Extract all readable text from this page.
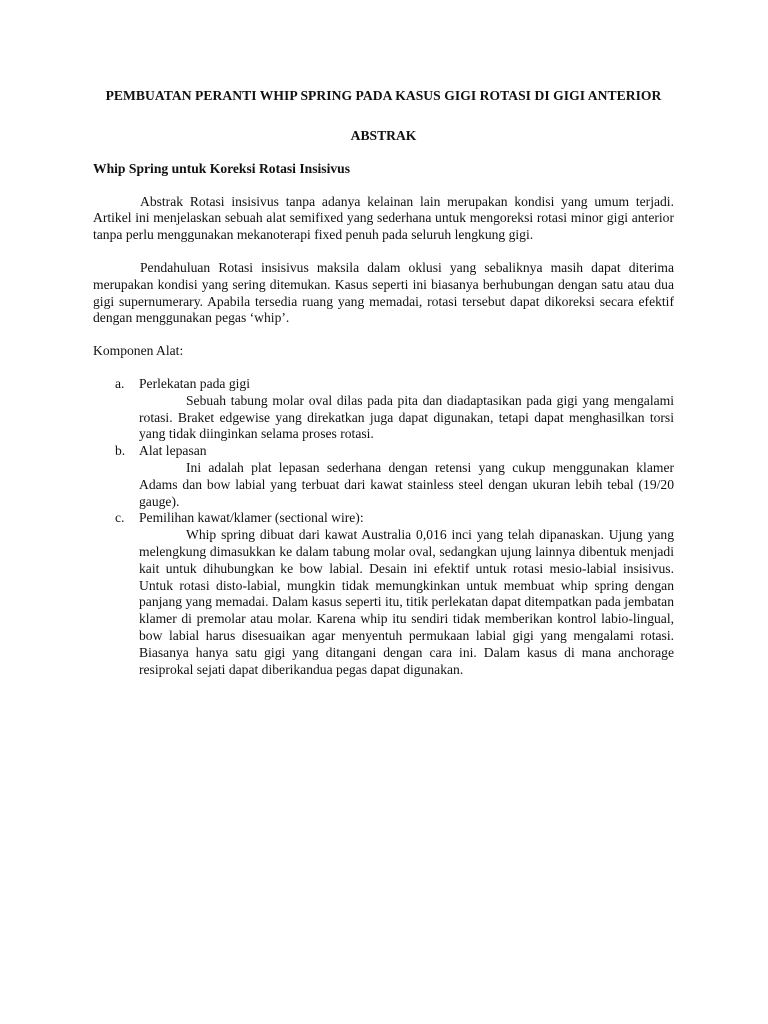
PEMBUATAN PERANTI WHIP SPRING PADA KASUS GIGI ROTASI DI GIGI ANTERIOR
ABSTRAK
Whip Spring untuk Koreksi Rotasi Insisivus

Abstrak Rotasi insisivus tanpa adanya kelainan lain merupakan kondisi yang umum terjadi. Artikel ini menjelaskan sebuah alat semifixed yang sederhana untuk mengoreksi rotasi minor gigi anterior tanpa perlu menggunakan mekanoterapi fixed penuh pada seluruh lengkung gigi.

Pendahuluan Rotasi insisivus maksila dalam oklusi yang sebaliknya masih dapat diterima merupakan kondisi yang sering ditemukan. Kasus seperti ini biasanya berhubungan dengan satu atau dua gigi supernumerary. Apabila tersedia ruang yang memadai, rotasi tersebut dapat dikoreksi secara efektif dengan menggunakan pegas ‘whip’.

Komponen Alat:

a. Perlekatan pada gigi

Sebuah tabung molar oval dilas pada pita dan diadaptasikan pada gigi yang mengalami rotasi. Braket edgewise yang direkatkan juga dapat digunakan, tetapi dapat menghasilkan torsi yang tidak diinginkan selama proses rotasi.

b. Alat lepasan

Ini adalah plat lepasan sederhana dengan retensi yang cukup menggunakan klamer Adams dan bow labial yang terbuat dari kawat stainless steel dengan ukuran lebih tebal (19/20 gauge).

c. Pemilihan kawat/klamer (sectional wire):

Whip spring dibuat dari kawat Australia 0,016 inci yang telah dipanaskan. Ujung yang melengkung dimasukkan ke dalam tabung molar oval, sedangkan ujung lainnya dibentuk menjadi kait untuk dihubungkan ke bow labial. Desain ini efektif untuk rotasi mesio-labial insisivus. Untuk rotasi disto-labial, mungkin tidak memungkinkan untuk membuat whip spring dengan panjang yang memadai. Dalam kasus seperti itu, titik perlekatan dapat ditempatkan pada jembatan klamer di premolar atau molar. Karena whip itu sendiri tidak memberikan kontrol labio-lingual, bow labial harus disesuaikan agar menyentuh permukaan labial gigi yang mengalami rotasi. Biasanya hanya satu gigi yang ditangani dengan cara ini. Dalam kasus di mana anchorage resiprokal sejati dapat diberikandua pegas dapat digunakan.
